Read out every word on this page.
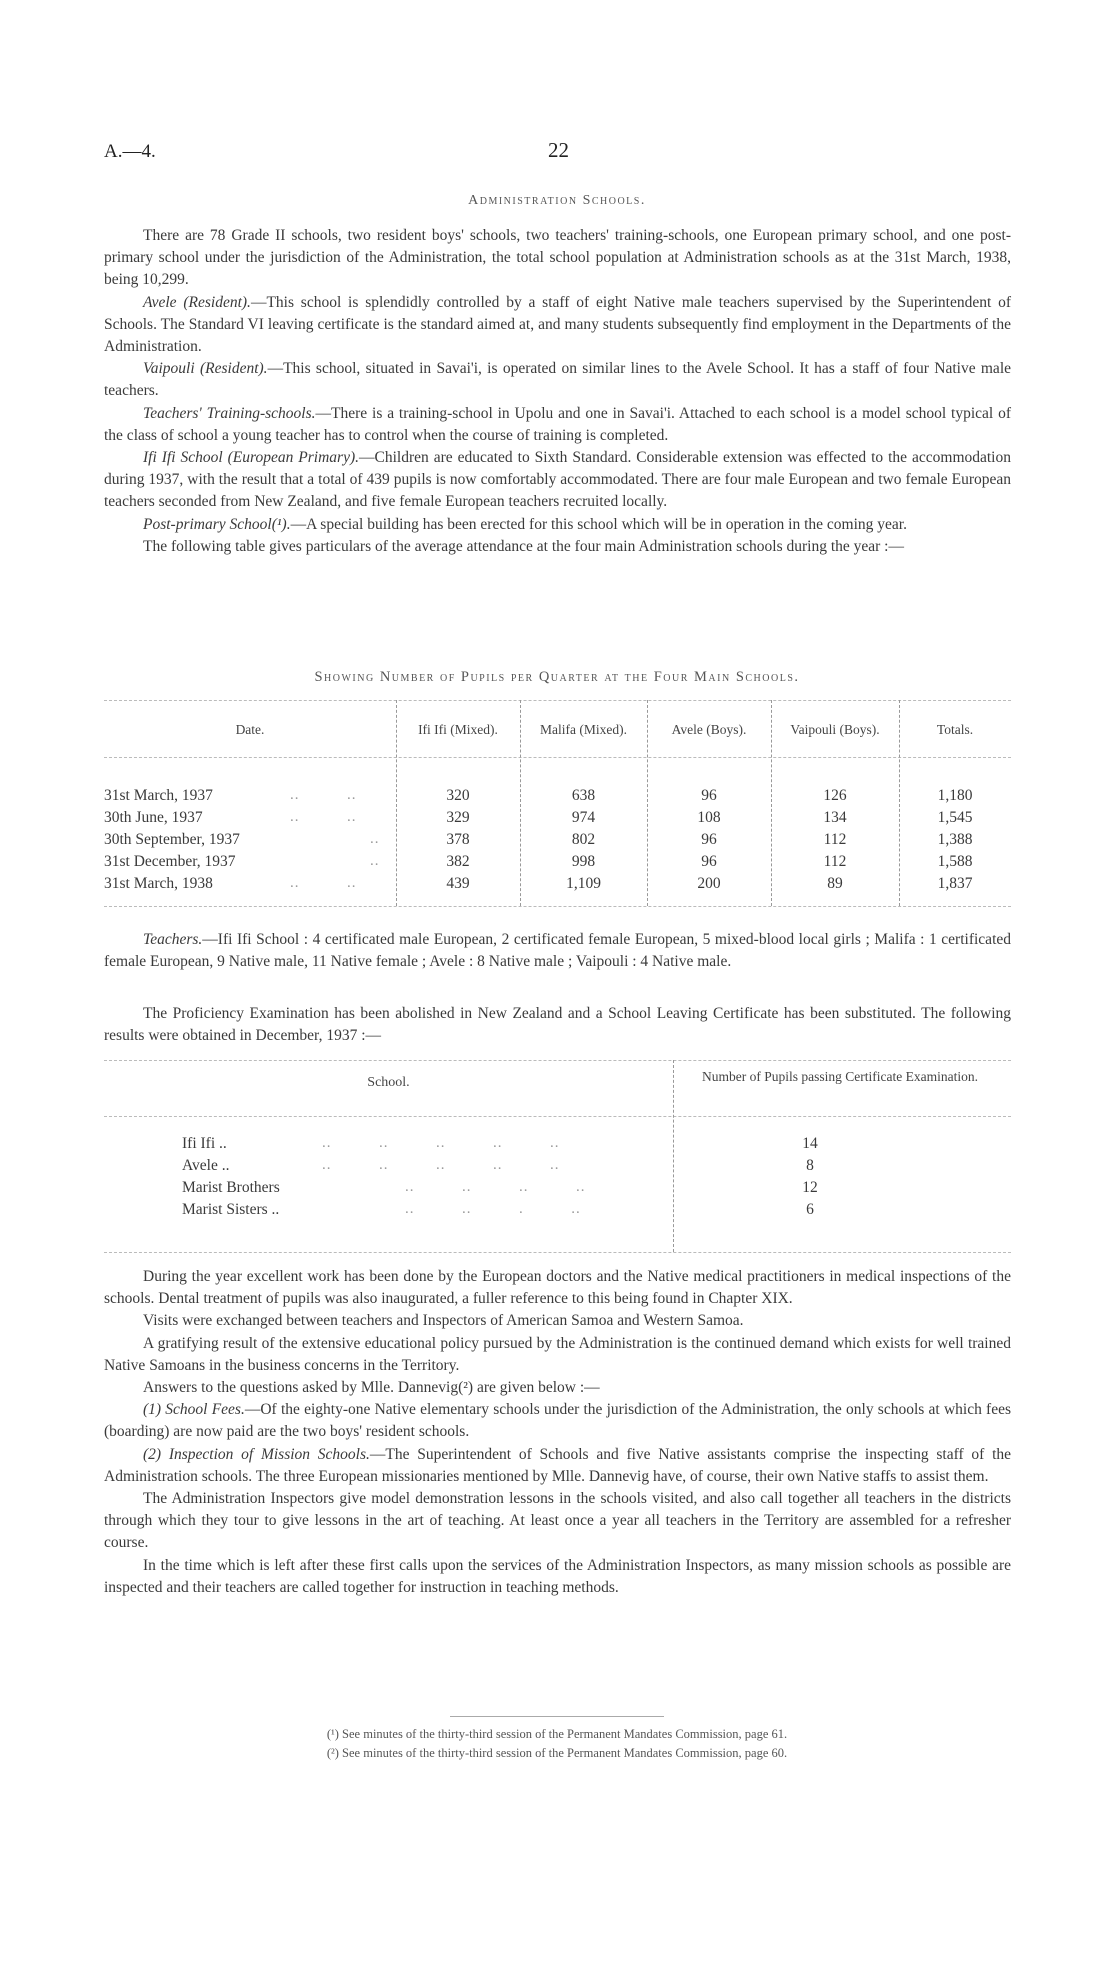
A.—4.	22
Administration Schools.
There are 78 Grade II schools, two resident boys' schools, two teachers' training-schools, one European primary school, and one post-primary school under the jurisdiction of the Administration, the total school population at Administration schools as at the 31st March, 1938, being 10,299.
Avele (Resident).—This school is splendidly controlled by a staff of eight Native male teachers supervised by the Superintendent of Schools. The Standard VI leaving certificate is the standard aimed at, and many students subsequently find employment in the Departments of the Administration.
Vaipouli (Resident).—This school, situated in Savai'i, is operated on similar lines to the Avele School. It has a staff of four Native male teachers.
Teachers' Training-schools.—There is a training-school in Upolu and one in Savai'i. Attached to each school is a model school typical of the class of school a young teacher has to control when the course of training is completed.
Ifi Ifi School (European Primary).—Children are educated to Sixth Standard. Considerable extension was effected to the accommodation during 1937, with the result that a total of 439 pupils is now comfortably accommodated. There are four male European and two female European teachers seconded from New Zealand, and five female European teachers recruited locally.
Post-primary School(¹).—A special building has been erected for this school which will be in operation in the coming year.
The following table gives particulars of the average attendance at the four main Administration schools during the year :—
Showing Number of Pupils per Quarter at the Four Main Schools.
Date.	Ifi Ifi (Mixed).	Malifa (Mixed).	Avele (Boys).	Vaipouli (Boys).	Totals.
31st March, 1937	..          ..	320	638	96	126	1,180
30th June, 1937	..          ..	329	974	108	134	1,545
30th September, 1937	..	378	802	96	112	1,388
31st December, 1937	..	382	998	96	112	1,588
31st March, 1938	..          ..	439	1,109	200	89	1,837
Teachers.—Ifi Ifi School : 4 certificated male European, 2 certificated female European, 5 mixed-blood local girls ; Malifa : 1 certificated female European, 9 Native male, 11 Native female ; Avele : 8 Native male ; Vaipouli : 4 Native male.
The Proficiency Examination has been abolished in New Zealand and a School Leaving Certificate has been substituted. The following results were obtained in December, 1937 :—
School.	Number of Pupils passing Certificate Examination.
Ifi Ifi ..	..          ..          ..          ..          ..	14
Avele ..	..          ..          ..          ..          ..	8
Marist Brothers	..          ..          ..          ..	12
Marist Sisters ..	..          ..          .          ..	6
During the year excellent work has been done by the European doctors and the Native medical practitioners in medical inspections of the schools. Dental treatment of pupils was also inaugurated, a fuller reference to this being found in Chapter XIX.
Visits were exchanged between teachers and Inspectors of American Samoa and Western Samoa.
A gratifying result of the extensive educational policy pursued by the Administration is the continued demand which exists for well trained Native Samoans in the business concerns in the Territory.
Answers to the questions asked by Mlle. Dannevig(²) are given below :—
(1) School Fees.—Of the eighty-one Native elementary schools under the jurisdiction of the Administration, the only schools at which fees (boarding) are now paid are the two boys' resident schools.
(2) Inspection of Mission Schools.—The Superintendent of Schools and five Native assistants comprise the inspecting staff of the Administration schools. The three European missionaries mentioned by Mlle. Dannevig have, of course, their own Native staffs to assist them.
The Administration Inspectors give model demonstration lessons in the schools visited, and also call together all teachers in the districts through which they tour to give lessons in the art of teaching. At least once a year all teachers in the Territory are assembled for a refresher course.
In the time which is left after these first calls upon the services of the Administration Inspectors, as many mission schools as possible are inspected and their teachers are called together for instruction in teaching methods.
(¹) See minutes of the thirty-third session of the Permanent Mandates Commission, page 61.
(²) See minutes of the thirty-third session of the Permanent Mandates Commission, page 60.
